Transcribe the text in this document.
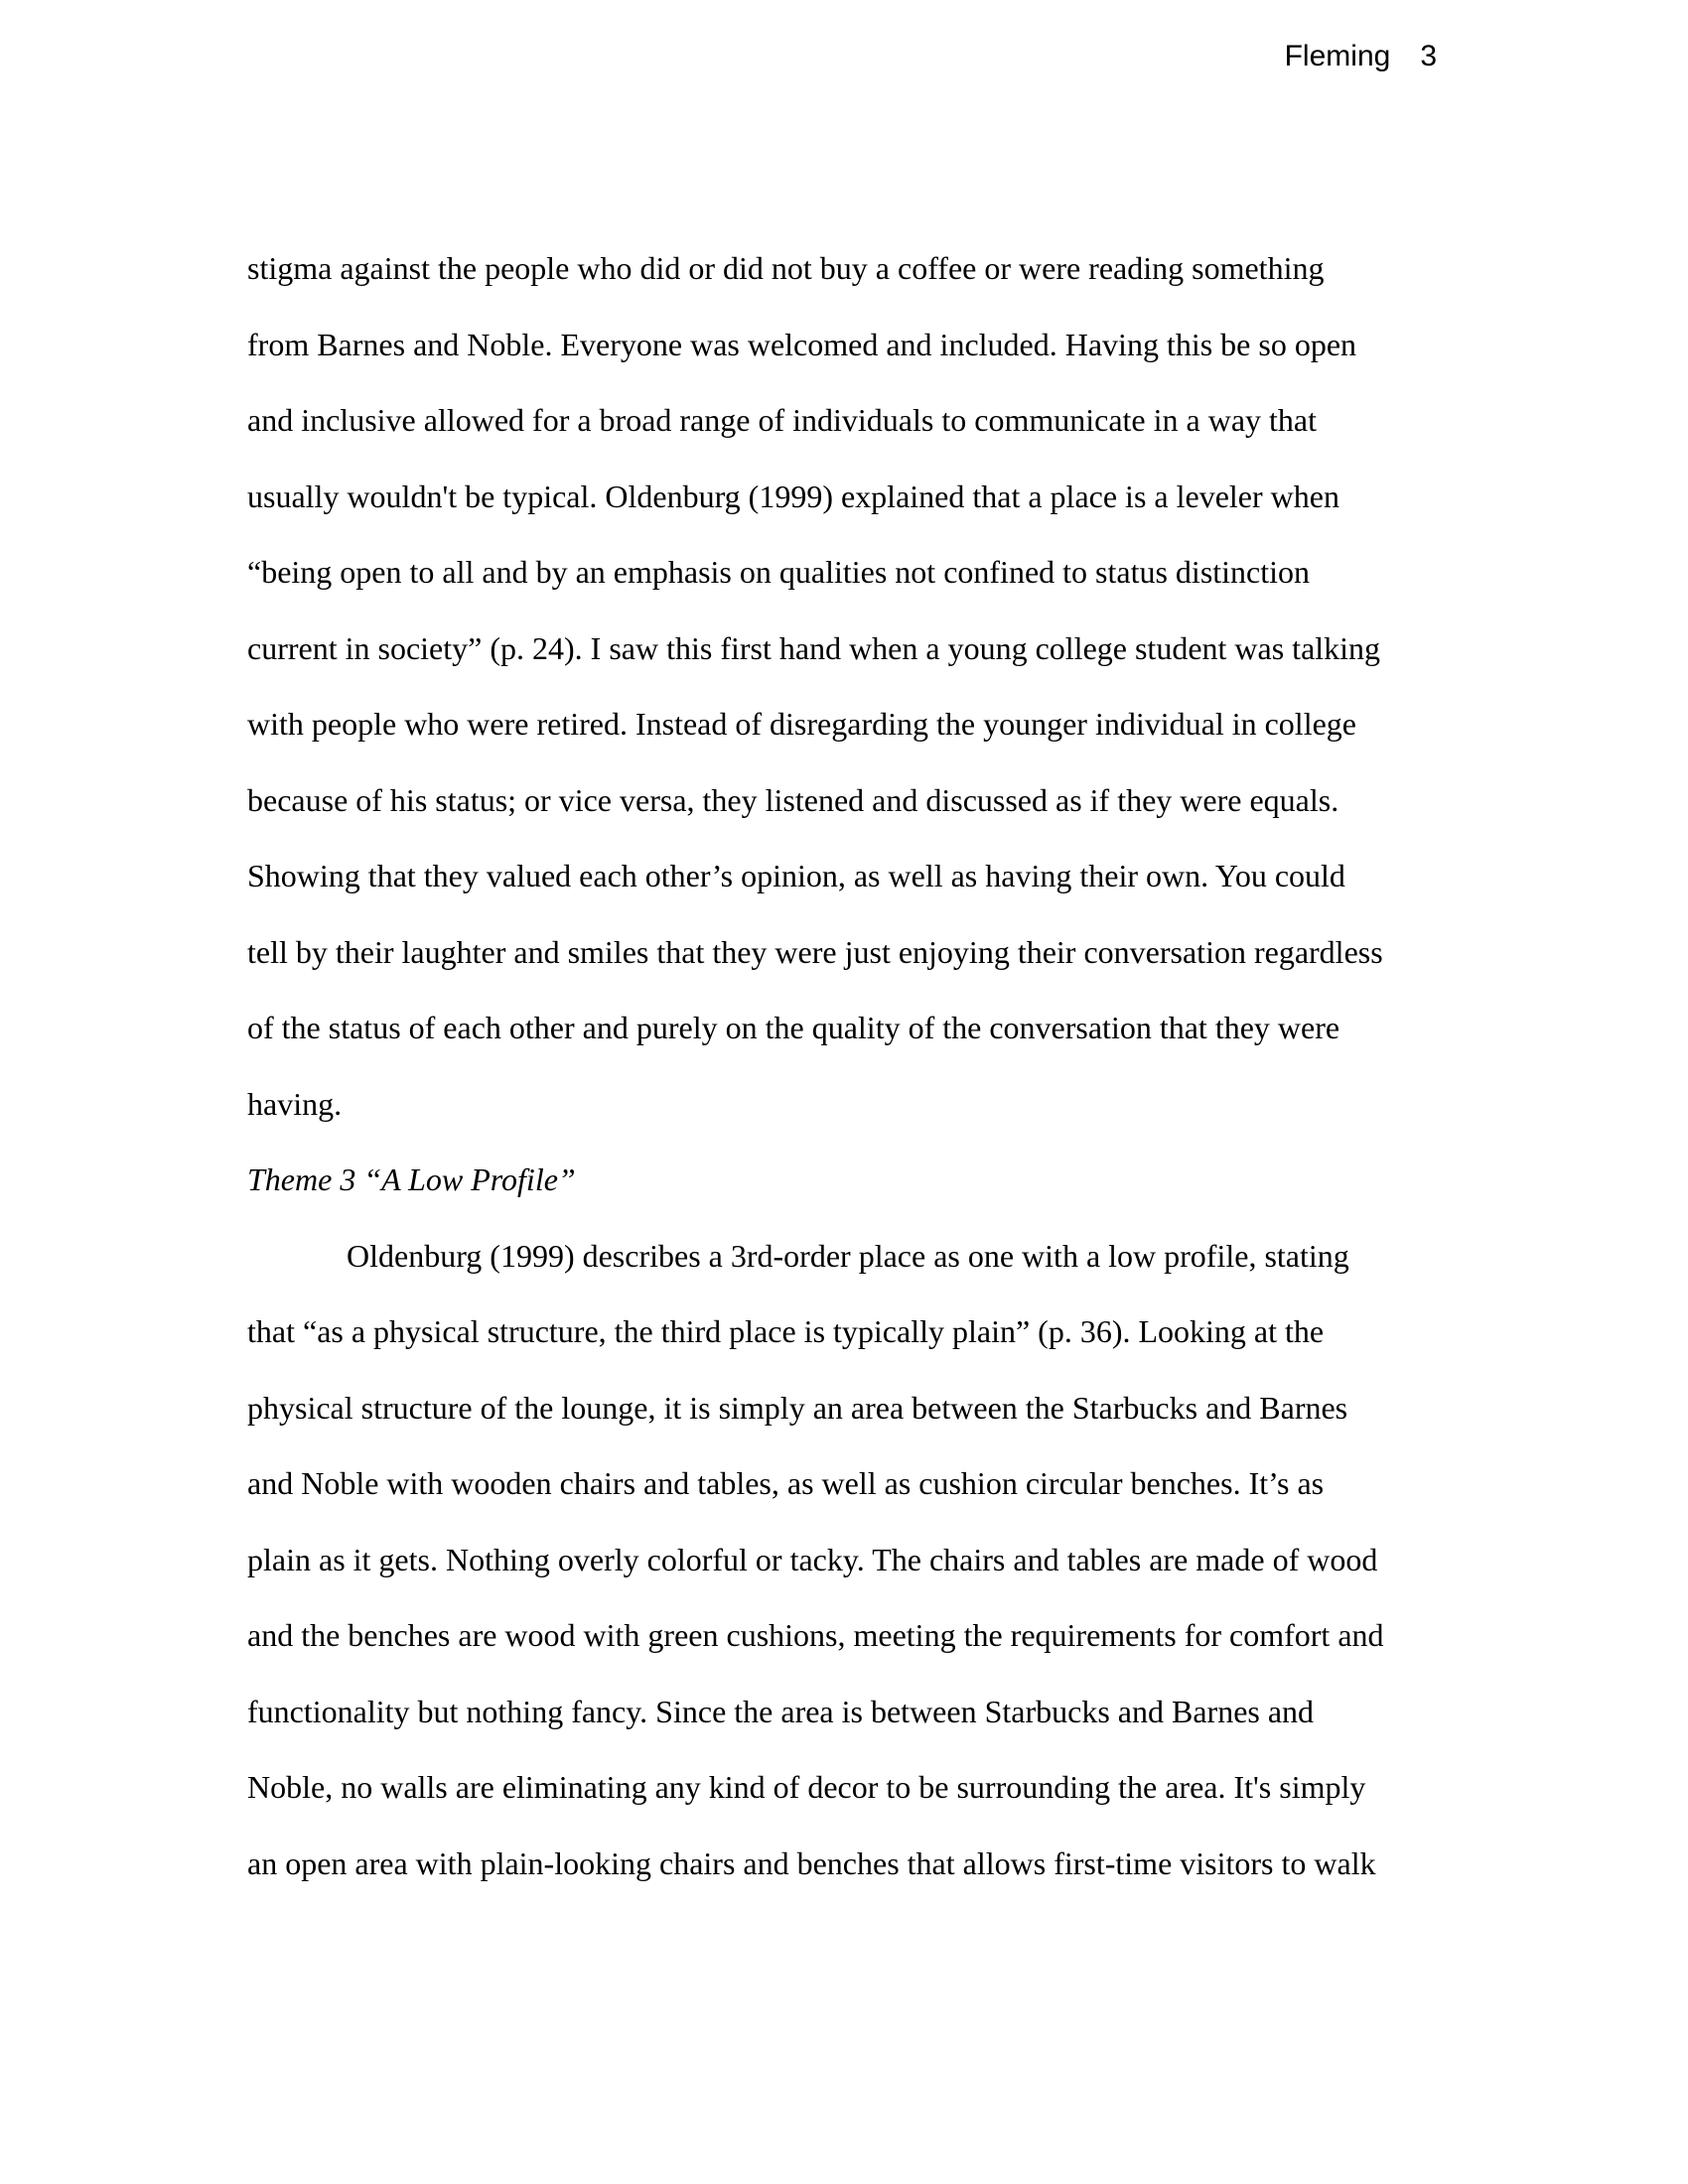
Fleming 3
stigma against the people who did or did not buy a coffee or were reading something
from Barnes and Noble. Everyone was welcomed and included. Having this be so open
and inclusive allowed for a broad range of individuals to communicate in a way that
usually wouldn't be typical. Oldenburg (1999) explained that a place is a leveler when
“being open to all and by an emphasis on qualities not confined to status distinction
current in society” (p. 24). I saw this first hand when a young college student was talking
with people who were retired. Instead of disregarding the younger individual in college
because of his status; or vice versa, they listened and discussed as if they were equals.
Showing that they valued each other’s opinion, as well as having their own. You could
tell by their laughter and smiles that they were just enjoying their conversation regardless
of the status of each other and purely on the quality of the conversation that they were
having.
Theme 3 “A Low Profile”
Oldenburg (1999) describes a 3rd-order place as one with a low profile, stating
that “as a physical structure, the third place is typically plain” (p. 36). Looking at the
physical structure of the lounge, it is simply an area between the Starbucks and Barnes
and Noble with wooden chairs and tables, as well as cushion circular benches. It’s as
plain as it gets. Nothing overly colorful or tacky. The chairs and tables are made of wood
and the benches are wood with green cushions, meeting the requirements for comfort and
functionality but nothing fancy. Since the area is between Starbucks and Barnes and
Noble, no walls are eliminating any kind of decor to be surrounding the area. It's simply
an open area with plain-looking chairs and benches that allows first-time visitors to walk
